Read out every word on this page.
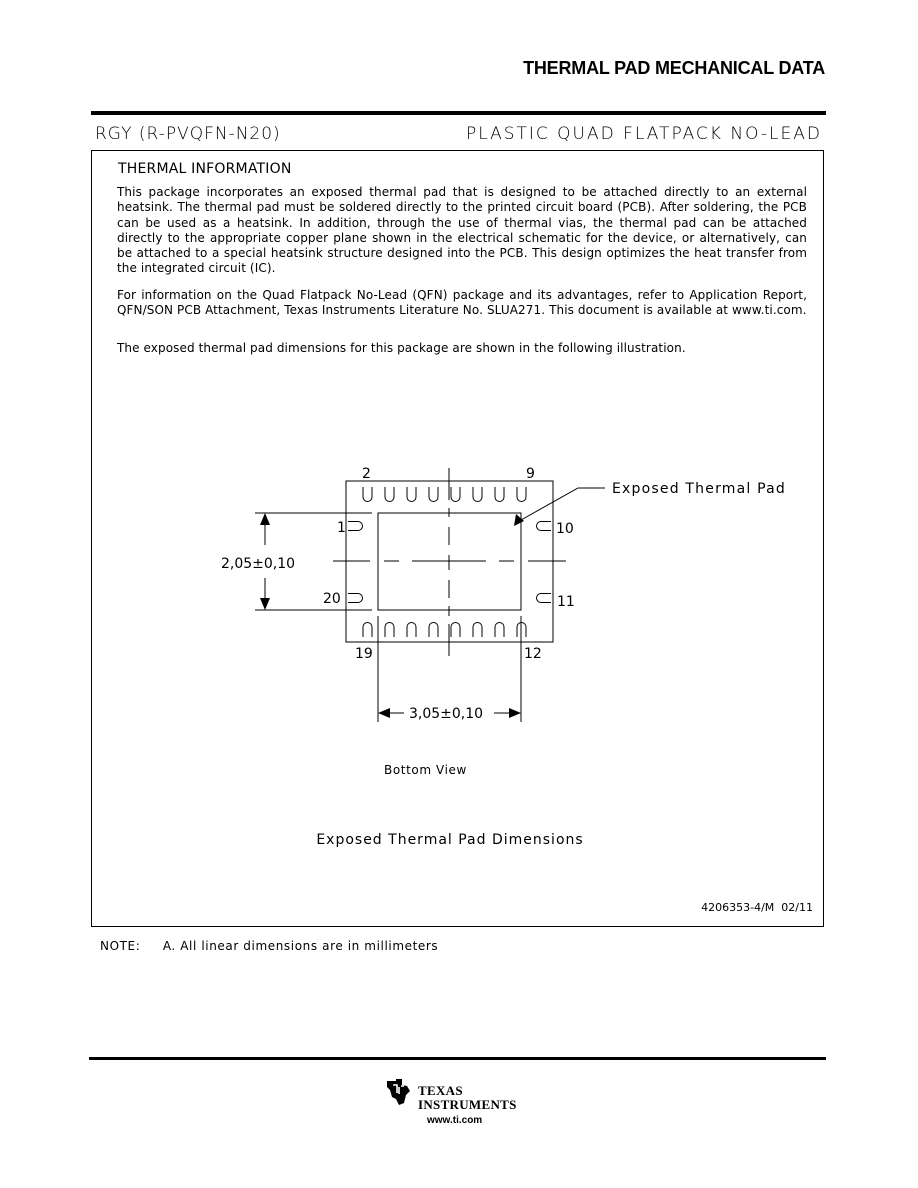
THERMAL PAD MECHANICAL DATA
RGY (R-PVQFN-N20)	PLASTIC QUAD FLATPACK NO-LEAD
THERMAL INFORMATION
This package incorporates an exposed thermal pad that is designed to be attached directly to an external heatsink. The thermal pad must be soldered directly to the printed circuit board (PCB). After soldering, the PCB can be used as a heatsink. In addition, through the use of thermal vias, the thermal pad can be attached directly to the appropriate copper plane shown in the electrical schematic for the device, or alternatively, can be attached to a special heatsink structure designed into the PCB. This design optimizes the heat transfer from the integrated circuit (IC).
For information on the Quad Flatpack No-Lead (QFN) package and its advantages, refer to Application Report, QFN/SON PCB Attachment, Texas Instruments Literature No. SLUA271. This document is available at www.ti.com.
The exposed thermal pad dimensions for this package are shown in the following illustration.
2	9
1
20
10
11
19	12
Exposed Thermal Pad
2,05±0,10
3,05±0,10
Bottom View
Exposed Thermal Pad Dimensions
4206353-4/M  02/11
NOTE: A. All linear dimensions are in millimeters
TEXAS
INSTRUMENTS
www.ti.com
